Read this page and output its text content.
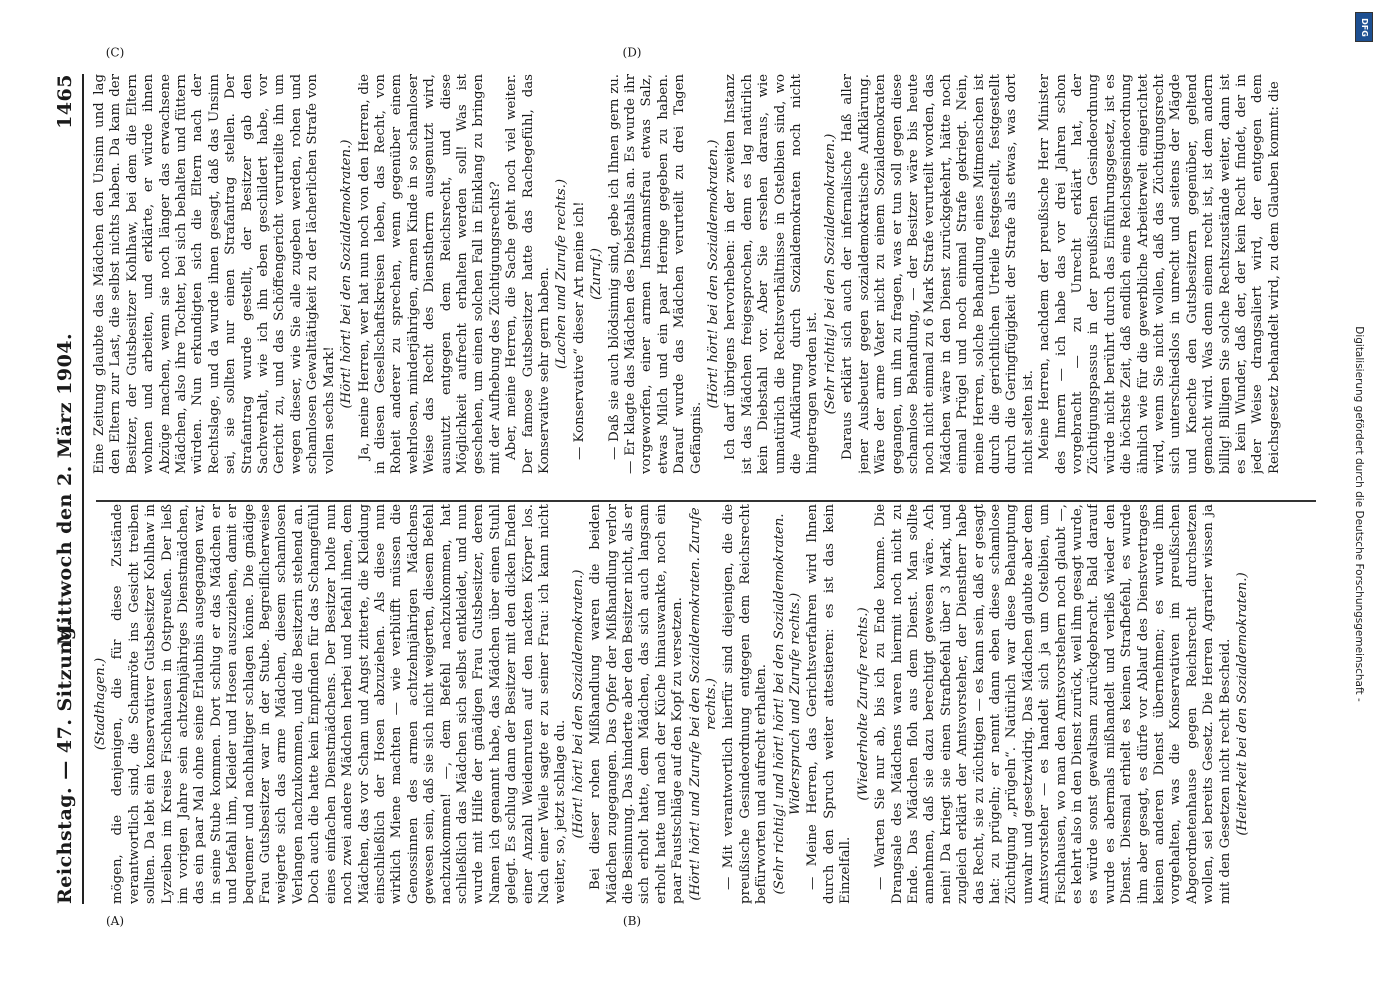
Reichstag. — 47. Sitzung.
Mittwoch den 2. März 1904.
1465
(A)	(B)
(C)	(D)

(Stadthagen.) mögen, die denjenigen, die für diese Zustände verantwortlich sind, die Schamröte ins Gesicht treiben sollten. Da lebt ein konservativer Gutsbesitzer Kohlhaw in Lyzeiben im Kreise Fischhausen in Ostpreußen. Der ließ im vorigen Jahre sein achtzehnjähriges Dienstmädchen, das ein paar Mal ohne seine Erlaubnis ausgegangen war, in seine Stube kommen. Dort schlug er das Mädchen er und befahl ihm, Kleider und Hosen auszuziehen, damit er bequemer und nachhaltiger schlagen könne. Die gnädige Frau Gutsbesitzer war in der Stube. Begreiflicherweise weigerte sich das arme Mädchen, diesem schamlosen Verlangen nachzukommen, und die Besitzerin stehend an. Doch auch die hatte kein Empfinden für das Schamgefühl eines einfachen Dienstmädchens. Der Besitzer holte nun noch zwei andere Mädchen herbei und befahl ihnen, dem Mädchen, das vor Scham und Angst zitterte, die Kleidung einschließlich der Hosen abzuziehen. Als diese nun wirklich Miene machten — wie verblüfft müssen die Genossinnen des armen achtzehnjährigen Mädchens gewesen sein, daß sie sich nicht weigerten, diesem Befehl nachzukommen! —, dem Befehl nachzukommen, hat schließlich das Mädchen sich selbst entkleidet, und nun wurde mit Hilfe der gnädigen Frau Gutsbesitzer, deren Namen ich genannt habe, das Mädchen über einen Stuhl gelegt. Es schlug dann der Besitzer mit den dicken Enden einer Anzahl Weidenruten auf den nackten Körper los. Nach einer Weile sagte er zu seiner Frau: ich kann nicht weiter, so, jetzt schlage du. (Hört! hört! bei den Sozialdemokraten.) Bei dieser rohen Mißhandlung waren die beiden Mädchen zugegangen. Das Opfer der Mißhandlung verlor die Besinnung. Das hinderte aber den Besitzer nicht, als er sich erholt hatte, dem Mädchen, das sich auch langsam erholt hatte und nach der Küche hinauswankte, noch ein paar Faustschläge auf den Kopf zu versetzen. (Hört! hört! und Zurufe bei den Sozialdemokraten. Zurufe rechts.) — Mit verantwortlich hierfür sind diejenigen, die die preußische Gesindeordnung entgegen dem Reichsrecht befürworten und aufrecht erhalten. (Sehr richtig! und hört! hört! bei den Sozialdemokraten. Widerspruch und Zurufe rechts.) — Meine Herren, das Gerichtsverfahren wird Ihnen durch den Spruch weiter attestieren: es ist das kein Einzelfall.

(Wiederholte Zurufe rechts.) — Warten Sie nur ab, bis ich zu Ende komme. Die Drangsale des Mädchens waren hiermit noch nicht zu Ende. Das Mädchen floh aus dem Dienst. Man sollte annehmen, daß sie dazu berechtigt gewesen wäre. Ach nein! Da kriegt sie einen Strafbefehl über 3 Mark, und zugleich erklärt der Amtsvorsteher, der Dienstherr habe das Recht, sie zu züchtigen — es kann sein, daß er gesagt hat: zu prügeln; er nennt dann eben diese schamlose Züchtigung „prügeln“. Natürlich war diese Behauptung unwahr und gesetzwidrig. Das Mädchen glaubte aber dem Amtsvorsteher — es handelt sich ja um Ostelbien, um Fischhausen, wo man den Amtsvorstehern noch glaubt —, es kehrt also in den Dienst zurück, weil ihm gesagt wurde, es würde sonst gewaltsam zurückgebracht. Bald darauf wurde es abermals mißhandelt und verließ wieder den Dienst. Diesmal erhielt es keinen Strafbefehl, es wurde ihm aber gesagt, es dürfe vor Ablauf des Dienstvertrages keinen anderen Dienst übernehmen; es wurde ihm vorgehalten, was die Konservativen im preußischen Abgeordnetenhause gegen Reichsrecht durchsetzen wollen, sei bereits Gesetz. Die Herren Agrarier wissen ja mit den Gesetzen nicht recht Bescheid. (Heiterkeit bei den Sozialdemokraten.)

Eine Zeitung glaubte das Mädchen den Unsinn und lag den Eltern zur Last, die selbst nichts haben. Da kam der Besitzer, der Gutsbesitzer Kohlhaw, bei dem die Eltern wohnen und arbeiten, und erklärte, er würde ihnen Abzüge machen, wenn sie noch länger das erwachsene Mädchen, also ihre Tochter, bei sich behalten und füttern würden. Nun erkundigten sich die Eltern nach der Rechtslage, und da wurde ihnen gesagt, daß das Unsinn sei, sie sollten nur einen Strafantrag stellen. Der Strafantrag wurde gestellt, der Besitzer gab den Sachverhalt, wie ich ihn eben geschildert habe, vor Gericht zu, und das Schöffengericht verurteilte ihn um wegen dieser, wie Sie alle zugeben werden, rohen und schamlosen Gewalttätigkeit zu der lächerlichen Strafe von vollen sechs Mark!

(Hört! hört! bei den Sozialdemokraten.) Ja, meine Herren, wer hat nun noch von den Herren, die in diesen Gesellschaftskreisen leben, das Recht, von Roheit anderer zu sprechen, wenn gegenüber einem wehrlosen, minderjährigen, armen Kinde in so schamloser Weise das Recht des Dienstherrn ausgenutzt wird, ausnutzt entgegen dem Reichsrecht, und diese Möglichkeit aufrecht erhalten werden soll! Was ist geschehen, um einen solchen Fall in Einklang zu bringen mit der Aufhebung des Züchtigungsrechts? Aber, meine Herren, die Sache geht noch viel weiter. Der famose Gutsbesitzer hatte das Rachegefühl, das Konservative sehr gern haben. (Lachen und Zurufe rechts.) — Konservative“ dieser Art meine ich! (Zuruf.) — Daß sie auch blödsinnig sind, gebe ich Ihnen gern zu. — Er klagte das Mädchen des Diebstahls an. Es wurde ihr vorgeworfen, einer armen Instmannsfrau etwas Salz, etwas Milch und ein paar Heringe gegeben zu haben. Darauf wurde das Mädchen verurteilt zu drei Tagen Gefängnis.

(Hört! hört! bei den Sozialdemokraten.) Ich darf übrigens hervorheben: in der zweiten Instanz ist das Mädchen freigesprochen, denn es lag natürlich kein Diebstahl vor. Aber Sie ersehen daraus, wie unnatürlich die Rechtsverhältnisse in Ostelbien sind, wo die Aufklärung durch Sozialdemokraten noch nicht hingetragen worden ist. (Sehr richtig! bei den Sozialdemokraten.) Daraus erklärt sich auch der infernalische Haß aller jener Ausbeuter gegen sozialdemokratische Aufklärung. Wäre der arme Vater nicht zu einem Sozialdemokraten gegangen, um ihn zu fragen, was er tun soll gegen diese schamlose Behandlung, — der Besitzer wäre bis heute noch nicht einmal zu 6 Mark Strafe verurteilt worden, das Mädchen wäre in den Dienst zurückgekehrt, hätte noch einmal Prügel und noch einmal Strafe gekriegt. Nein, meine Herren, solche Behandlung eines Mitmenschen ist durch die gerichtlichen Urteile festgestellt, festgestellt durch die Geringfügigkeit der Strafe als etwas, was dort nicht selten ist. Meine Herren, nachdem der preußische Herr Minister des Innern — ich habe das vor drei Jahren schon vorgebracht — zu Unrecht erklärt hat, der Züchtigungspassus in der preußischen Gesindeordnung würde nicht berührt durch das Einführungsgesetz, ist es die höchste Zeit, daß endlich eine Reichsgesindeordnung ähnlich wie für die gewerbliche Arbeiterwelt eingerichtet wird, wenn Sie nicht wollen, daß das Züchtigungsrecht sich unterschiedslos in unrecht und seitens der Mägde und Knechte den Gutsbesitzern gegenüber, geltend gemacht wird. Was denn einem recht ist, ist dem andern billig! Billigen Sie solche Rechtszustände weiter, dann ist es kein Wunder, daß der, der kein Recht findet, der in jeder Weise drangsaliert wird, der entgegen dem Reichsgesetz behandelt wird, zu dem Glauben kommt: die

DFG
Digitalisierung gefördert durch die Deutsche Forschungsgemeinschaft -
